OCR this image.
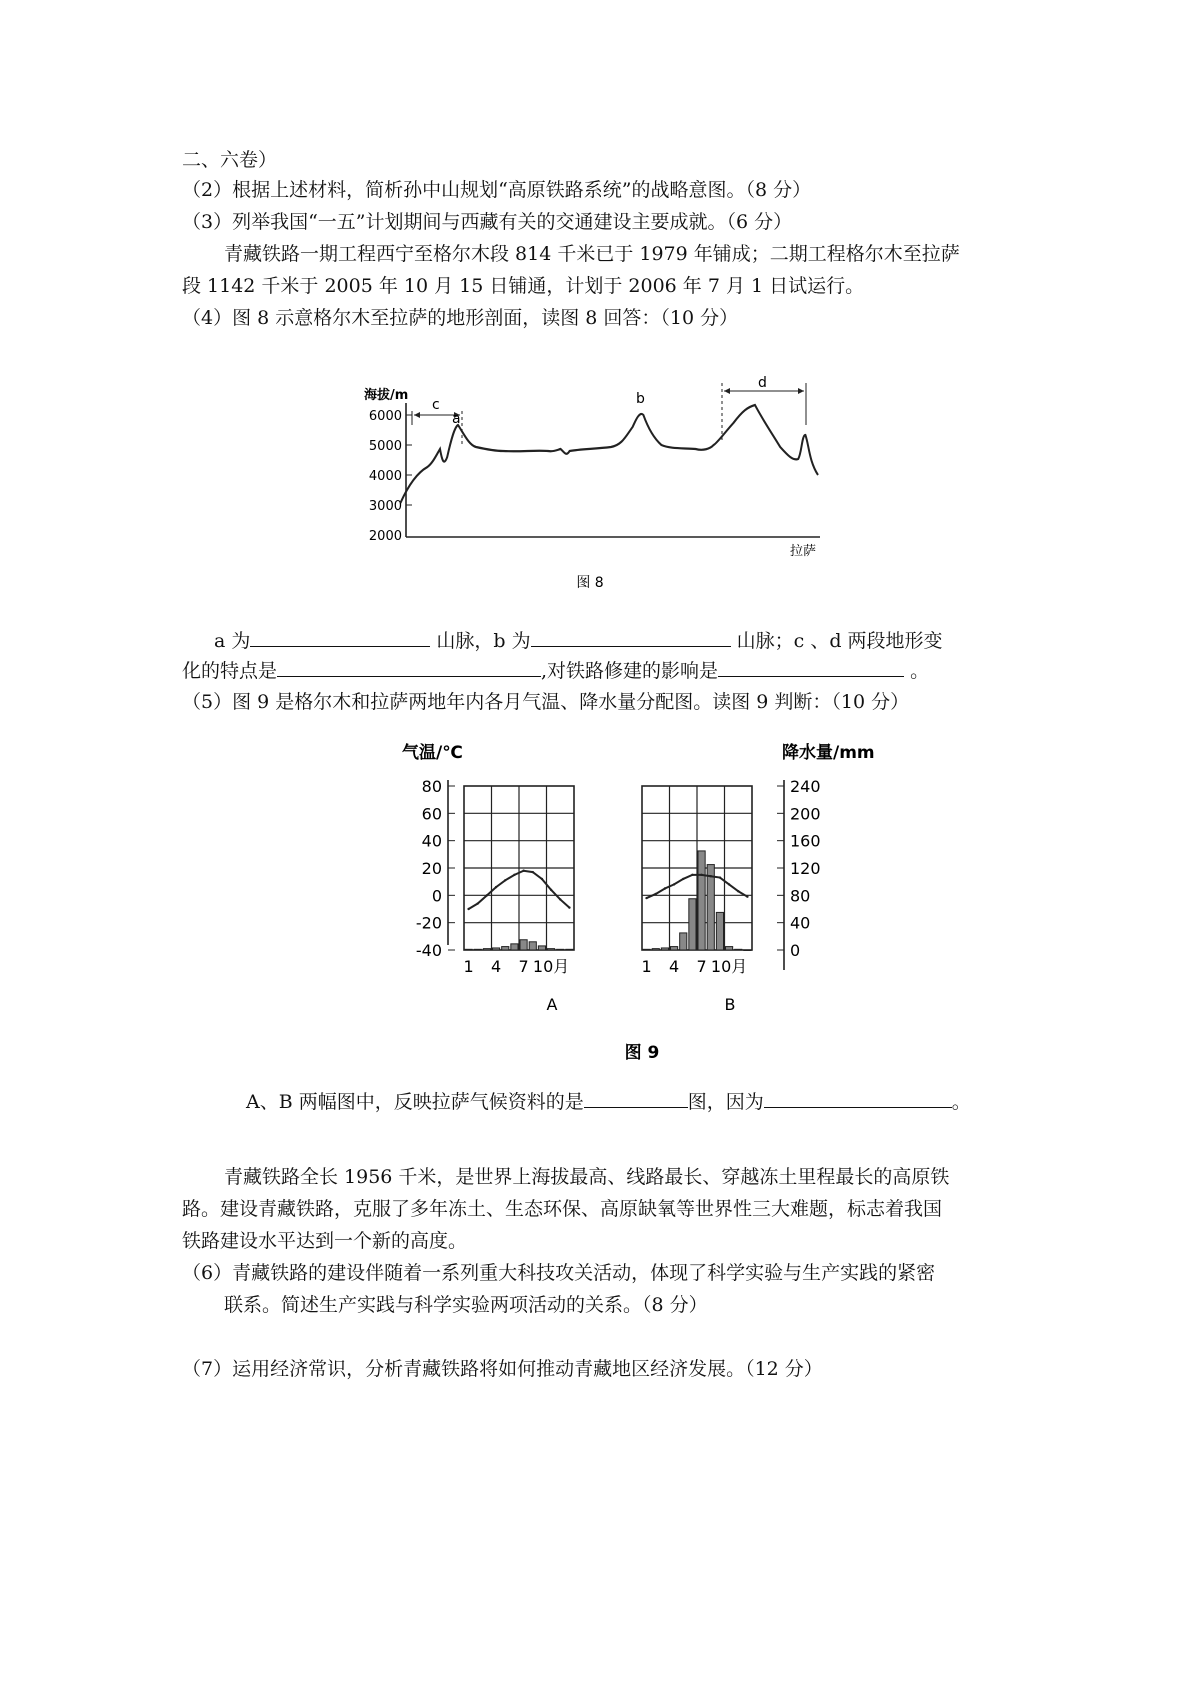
二、六卷）
（2）根据上述材料，简析孙中山规划“高原铁路系统”的战略意图。（8 分）
（3）列举我国“一五”计划期间与西藏有关的交通建设主要成就。（6 分）
青藏铁路一期工程西宁至格尔木段 814 千米已于 1979 年铺成；二期工程格尔木至拉萨
段 1142 千米于 2005 年 10 月 15 日铺通，计划于 2006 年 7 月 1 日试运行。
（4）图 8 示意格尔木至拉萨的地形剖面，读图 8 回答：（10 分）
海拔/m
6000
5000
4000
3000
2000
c
a
b
d
拉萨
图 8
a 为	山脉，b 为	山脉；c 、d 两段地形变
化的特点是	,对铁路修建的影响是	。
（5）图 9 是格尔木和拉萨两地年内各月气温、降水量分配图。读图 9 判断：（10 分）
气温/℃	降水量/mm
80
60
40
20
0
-20
-40
240
200
160
120
80
40
0
1 4 7 10月	1 4 7 10月
A	B
图 9
A、B 两幅图中，反映拉萨气候资料的是	图，因为	。
青藏铁路全长 1956 千米，是世界上海拔最高、线路最长、穿越冻土里程最长的高原铁
路。建设青藏铁路，克服了多年冻土、生态环保、高原缺氧等世界性三大难题，标志着我国
铁路建设水平达到一个新的高度。
（6）青藏铁路的建设伴随着一系列重大科技攻关活动，体现了科学实验与生产实践的紧密
联系。简述生产实践与科学实验两项活动的关系。（8 分）
（7）运用经济常识，分析青藏铁路将如何推动青藏地区经济发展。（12 分）
